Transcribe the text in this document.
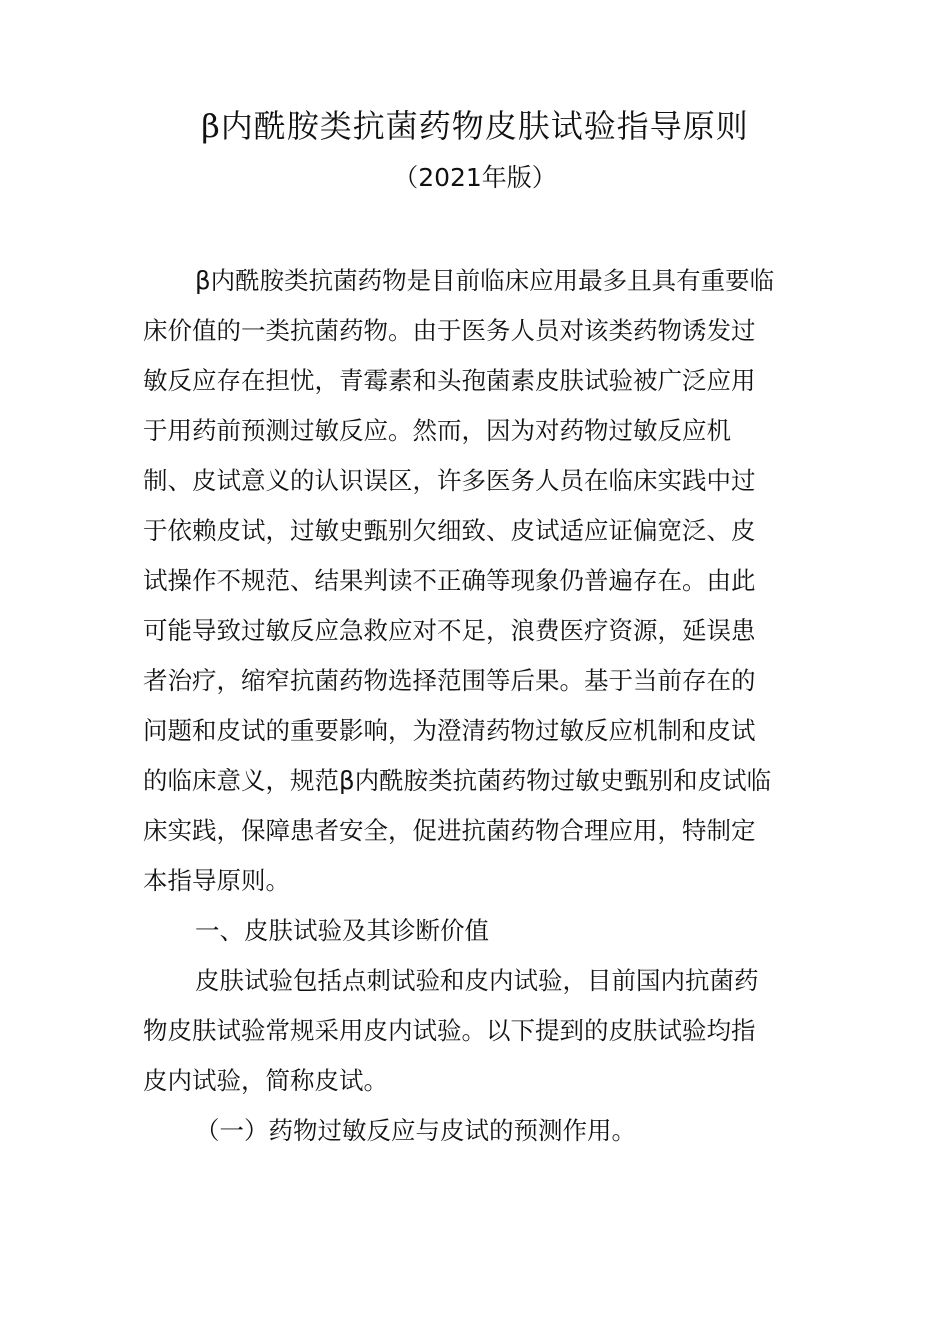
β内酰胺类抗菌药物皮肤试验指导原则
（2021年版）
β内酰胺类抗菌药物是目前临床应用最多且具有重要临
床价值的一类抗菌药物。由于医务人员对该类药物诱发过
敏反应存在担忧，青霉素和头孢菌素皮肤试验被广泛应用
于用药前预测过敏反应。然而，因为对药物过敏反应机
制、皮试意义的认识误区，许多医务人员在临床实践中过
于依赖皮试，过敏史甄别欠细致、皮试适应证偏宽泛、皮
试操作不规范、结果判读不正确等现象仍普遍存在。由此
可能导致过敏反应急救应对不足，浪费医疗资源，延误患
者治疗，缩窄抗菌药物选择范围等后果。基于当前存在的
问题和皮试的重要影响，为澄清药物过敏反应机制和皮试
的临床意义，规范β内酰胺类抗菌药物过敏史甄别和皮试临
床实践，保障患者安全，促进抗菌药物合理应用，特制定
本指导原则。
一、皮肤试验及其诊断价值
皮肤试验包括点刺试验和皮内试验，目前国内抗菌药
物皮肤试验常规采用皮内试验。以下提到的皮肤试验均指
皮内试验，简称皮试。
（一）药物过敏反应与皮试的预测作用。
